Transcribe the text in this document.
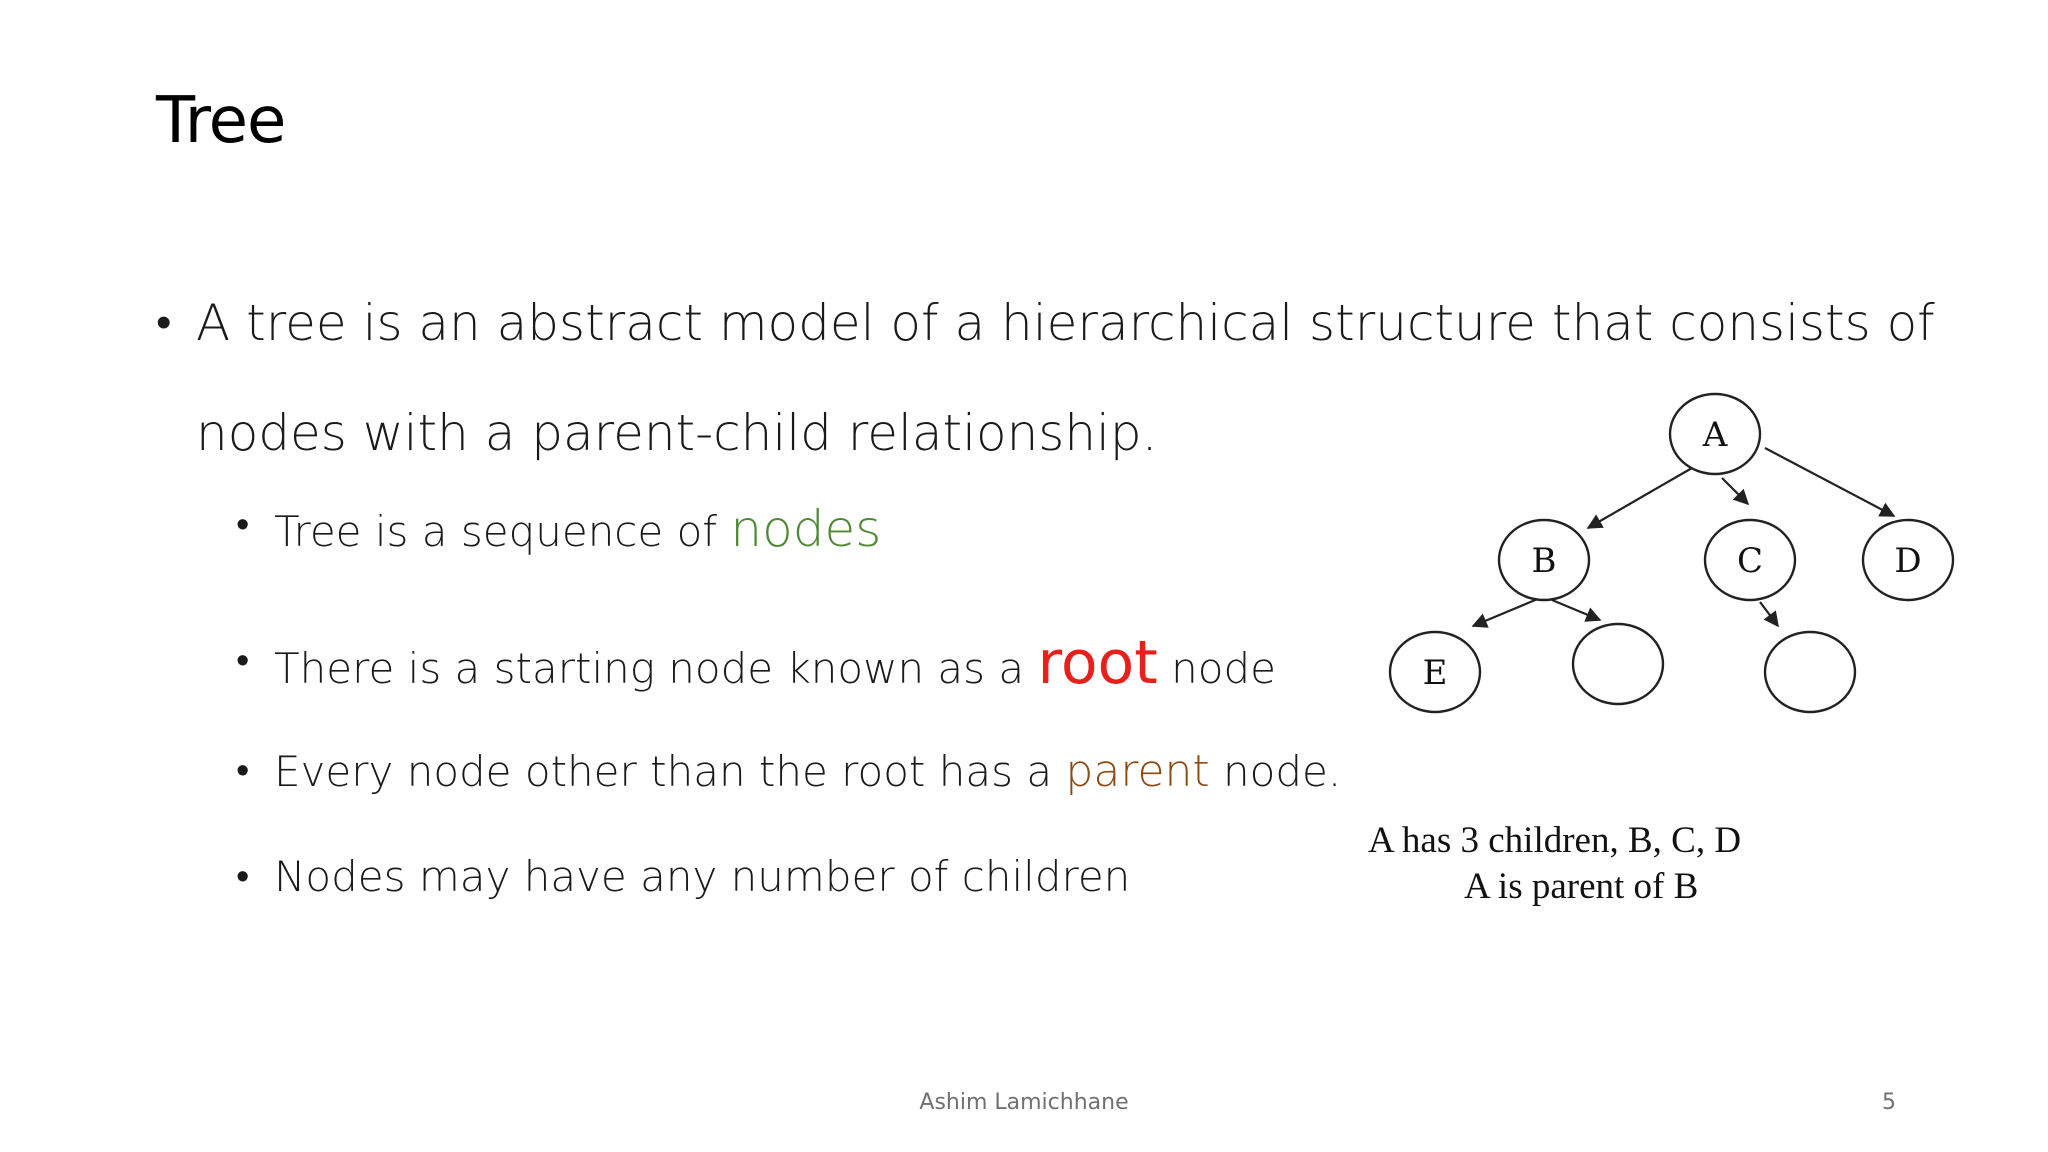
Tree
• A tree is an abstract model of a hierarchical structure that consists of nodes with a parent-child relationship.
• Tree is a sequence of nodes
• There is a starting node known as a root node
• Every node other than the root has a parent node.
• Nodes may have any number of children
A
B	C	D
E
A has 3 children, B, C, D
A is parent of B
Ashim Lamichhane	5
